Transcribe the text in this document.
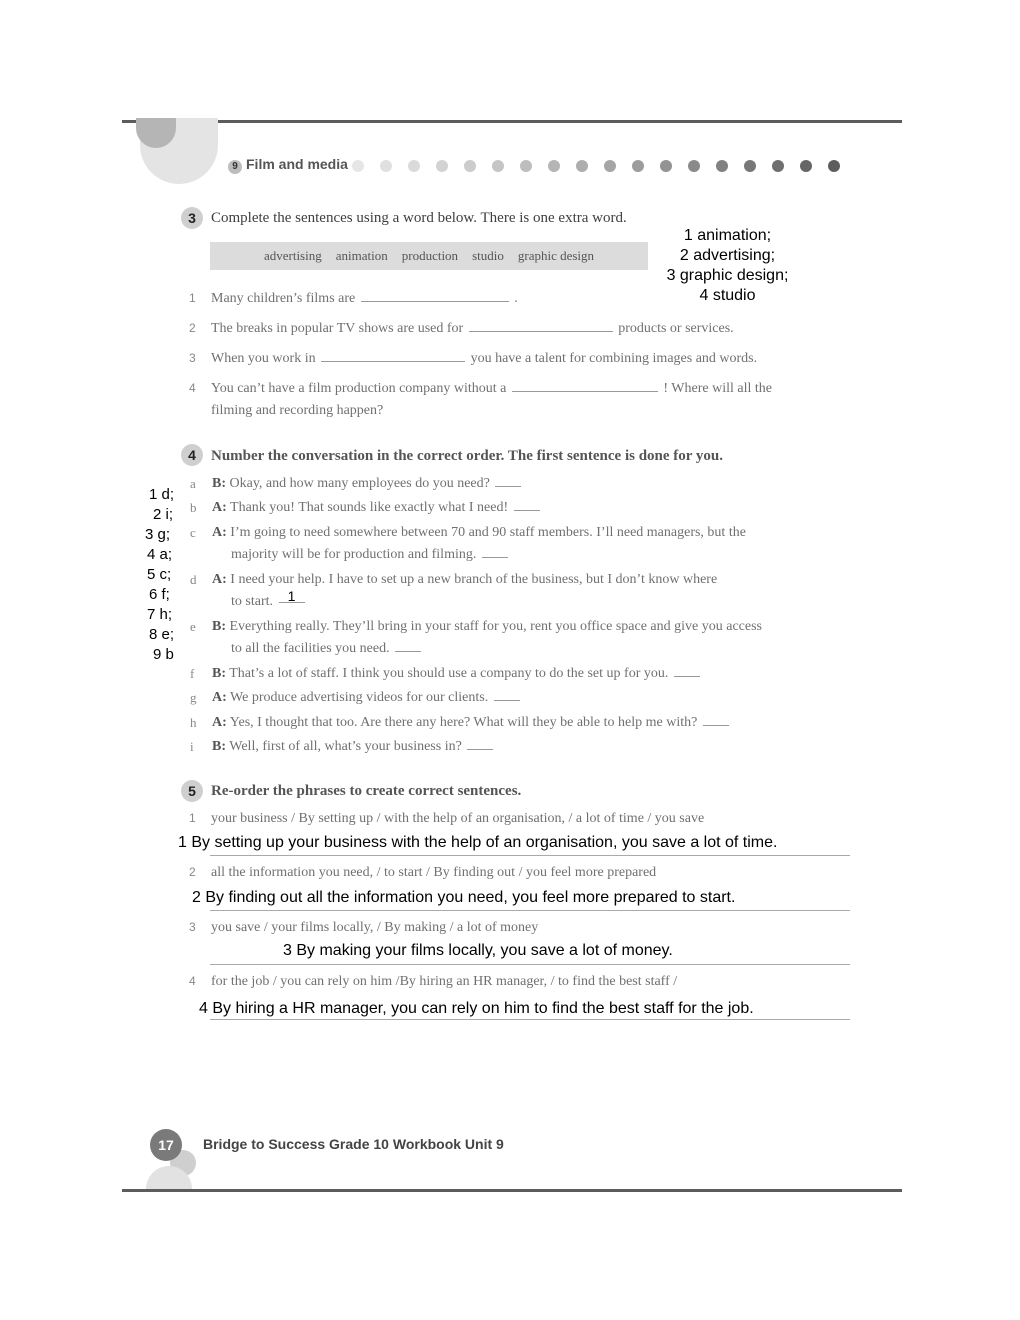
9 Film and media
3	Complete the sentences using a word below. There is one extra word.
advertising animation production studio graphic design
1 animation;
2 advertising;
3 graphic design;
4 studio
1 Many children’s films are	.
2 The breaks in popular TV shows are used for	products or services.
3 When you work in	you have a talent for combining images and words.
4 You can’t have a film production company without a	! Where will all the
filming and recording happen?
4	Number the conversation in the correct order. The first sentence is done for you.
1 d;
2 i;
3 g;
4 a;
5 c;
6 f;
7 h;
8 e;
9 b
a B: Okay, and how many employees do you need?
b A: Thank you! That sounds like exactly what I need!
c A: I’m going to need somewhere between 70 and 90 staff members. I’ll need managers, but the
majority will be for production and filming.
d A: I need your help. I have to set up a new branch of the business, but I don’t know where
to start. 1
e B: Everything really. They’ll bring in your staff for you, rent you office space and give you access
to all the facilities you need.
f B: That’s a lot of staff. I think you should use a company to do the set up for you.
g A: We produce advertising videos for our clients.
h A: Yes, I thought that too. Are there any here? What will they be able to help me with?
i B: Well, first of all, what’s your business in?
5	Re-order the phrases to create correct sentences.
1 your business / By setting up / with the help of an organisation, / a lot of time / you save
1 By setting up your business with the help of an organisation, you save a lot of time.
2 all the information you need, / to start / By finding out / you feel more prepared
2 By finding out all the information you need, you feel more prepared to start.
3 you save / your films locally, / By making / a lot of money
3 By making your films locally, you save a lot of money.
4 for the job / you can rely on him /By hiring an HR manager, / to find the best staff /
4 By hiring a HR manager, you can rely on him to find the best staff for the job.
17	Bridge to Success Grade 10 Workbook Unit 9
